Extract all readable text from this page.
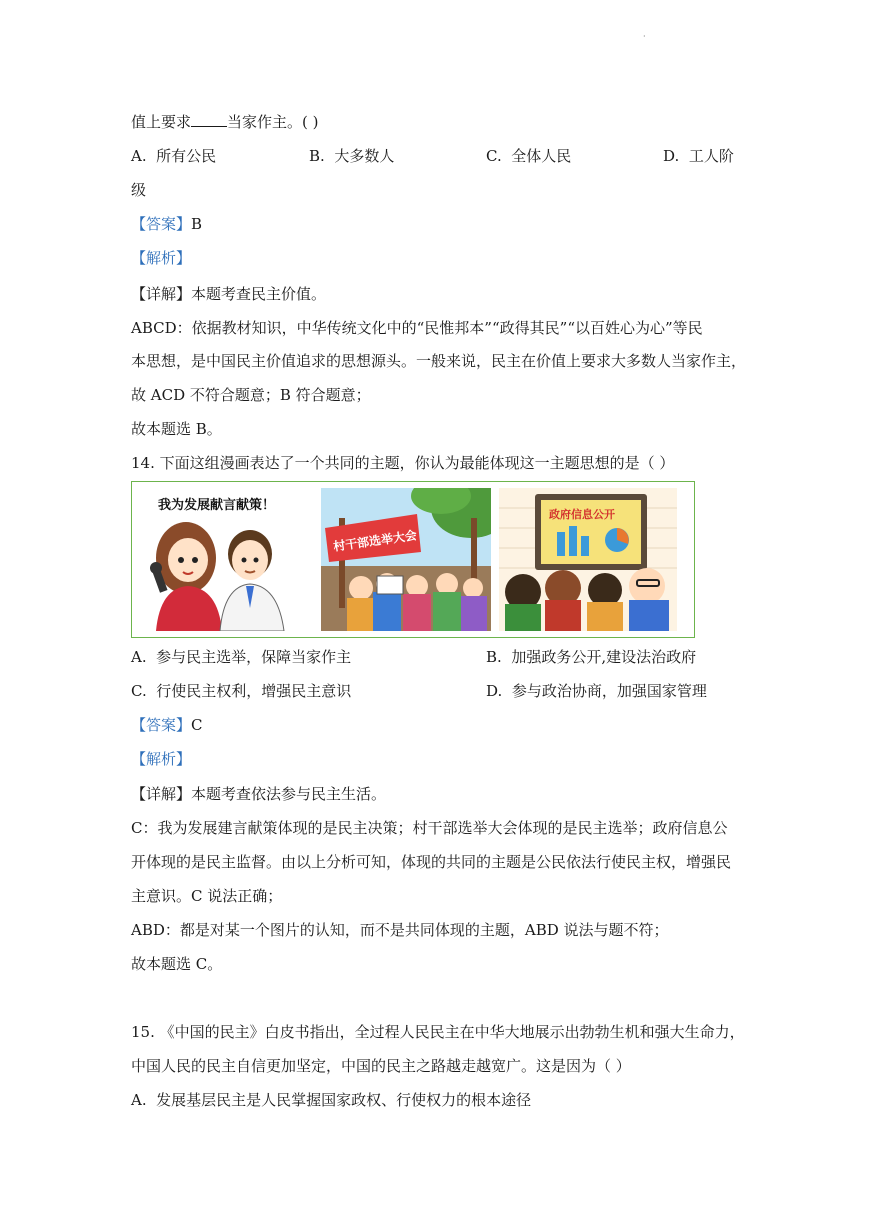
·
值上要求 当家作主。( )
A. 所有公民	B. 大多数人	C. 全体人民	D. 工人阶
级
【答案】B
【解析】
【详解】本题考查民主价值。
ABCD：依据教材知识，中华传统文化中的“民惟邦本”“政得其民”“以百姓心为心”等民
本思想，是中国民主价值追求的思想源头。一般来说，民主在价值上要求大多数人当家作主，
故 ACD 不符合题意；B 符合题意；
故本题选 B。
14. 下面这组漫画表达了一个共同的主题，你认为最能体现这一主题思想的是（ ）
我为发展献言献策！
村干部选举大会
政府信息公开
A. 参与民主选举，保障当家作主	B. 加强政务公开,建设法治政府
C. 行使民主权利，增强民主意识	D. 参与政治协商，加强国家管理
【答案】C
【解析】
【详解】本题考查依法参与民主生活。
C：我为发展建言献策体现的是民主决策；村干部选举大会体现的是民主选举；政府信息公
开体现的是民主监督。由以上分析可知，体现的共同的主题是公民依法行使民主权，增强民
主意识。C 说法正确；
ABD：都是对某一个图片的认知，而不是共同体现的主题，ABD 说法与题不符；
故本题选 C。
15. 《中国的民主》白皮书指出，全过程人民民主在中华大地展示出勃勃生机和强大生命力，
中国人民的民主自信更加坚定，中国的民主之路越走越宽广。这是因为（ ）
A. 发展基层民主是人民掌握国家政权、行使权力的根本途径
